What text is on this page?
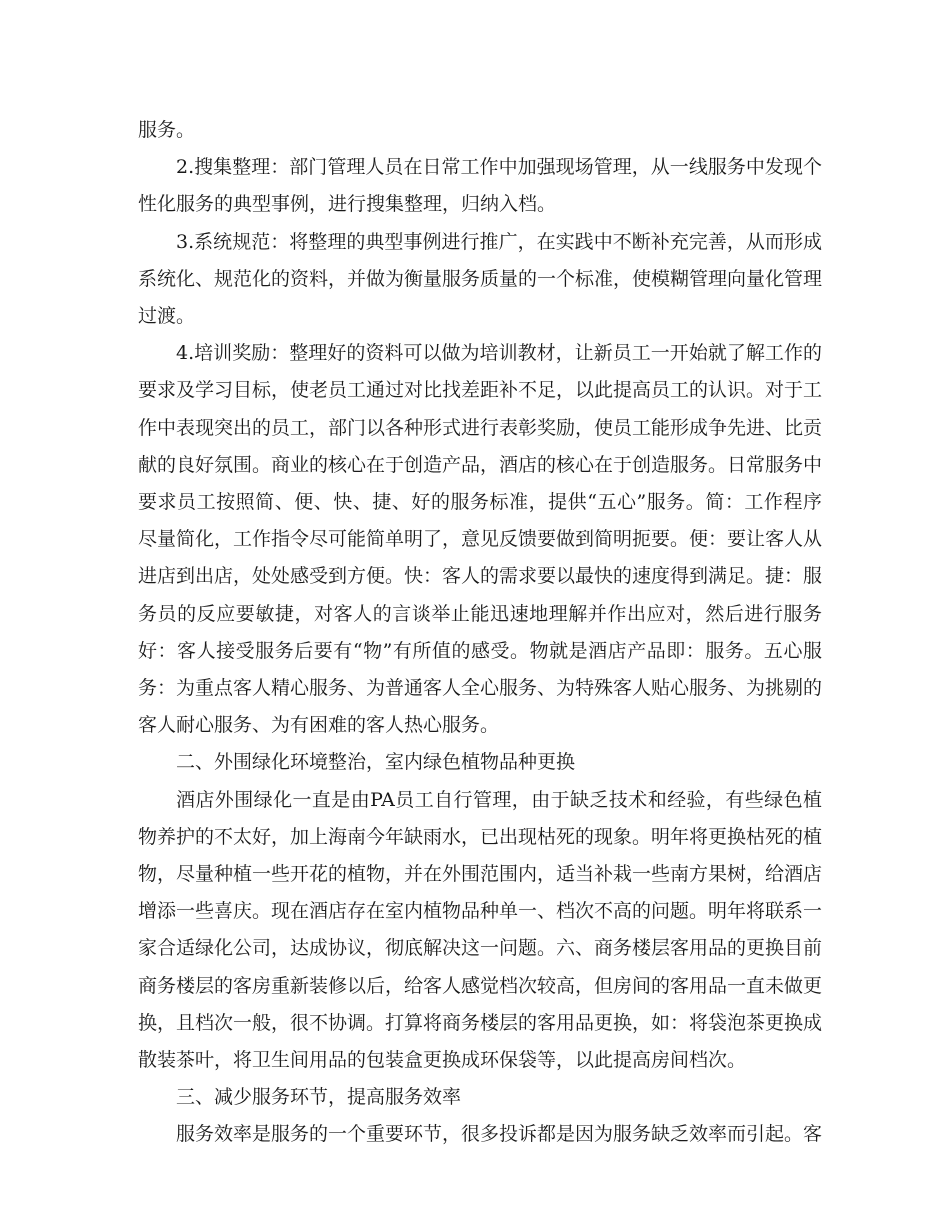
服务。

2.搜集整理：部门管理人员在日常工作中加强现场管理，从一线服务中发现个性化服务的典型事例，进行搜集整理，归纳入档。

3.系统规范：将整理的典型事例进行推广，在实践中不断补充完善，从而形成系统化、规范化的资料，并做为衡量服务质量的一个标准，使模糊管理向量化管理过渡。

4.培训奖励：整理好的资料可以做为培训教材，让新员工一开始就了解工作的要求及学习目标，使老员工通过对比找差距补不足，以此提高员工的认识。对于工作中表现突出的员工，部门以各种形式进行表彰奖励，使员工能形成争先进、比贡献的良好氛围。商业的核心在于创造产品，酒店的核心在于创造服务。日常服务中要求员工按照简、便、快、捷、好的服务标准，提供“五心”服务。简：工作程序尽量简化，工作指令尽可能简单明了，意见反馈要做到简明扼要。便：要让客人从进店到出店，处处感受到方便。快：客人的需求要以最快的速度得到满足。捷：服务员的反应要敏捷，对客人的言谈举止能迅速地理解并作出应对，然后进行服务好：客人接受服务后要有“物”有所值的感受。物就是酒店产品即：服务。五心服务：为重点客人精心服务、为普通客人全心服务、为特殊客人贴心服务、为挑剔的客人耐心服务、为有困难的客人热心服务。

二、外围绿化环境整治，室内绿色植物品种更换

酒店外围绿化一直是由PA员工自行管理，由于缺乏技术和经验，有些绿色植物养护的不太好，加上海南今年缺雨水，已出现枯死的现象。明年将更换枯死的植物，尽量种植一些开花的植物，并在外围范围内，适当补栽一些南方果树，给酒店增添一些喜庆。现在酒店存在室内植物品种单一、档次不高的问题。明年将联系一家合适绿化公司，达成协议，彻底解决这一问题。六、商务楼层客用品的更换目前商务楼层的客房重新装修以后，给客人感觉档次较高，但房间的客用品一直未做更换，且档次一般，很不协调。打算将商务楼层的客用品更换，如：将袋泡茶更换成散装茶叶，将卫生间用品的包装盒更换成环保袋等，以此提高房间档次。

三、减少服务环节，提高服务效率

服务效率是服务的一个重要环节，很多投诉都是因为服务缺乏效率而引起。客
